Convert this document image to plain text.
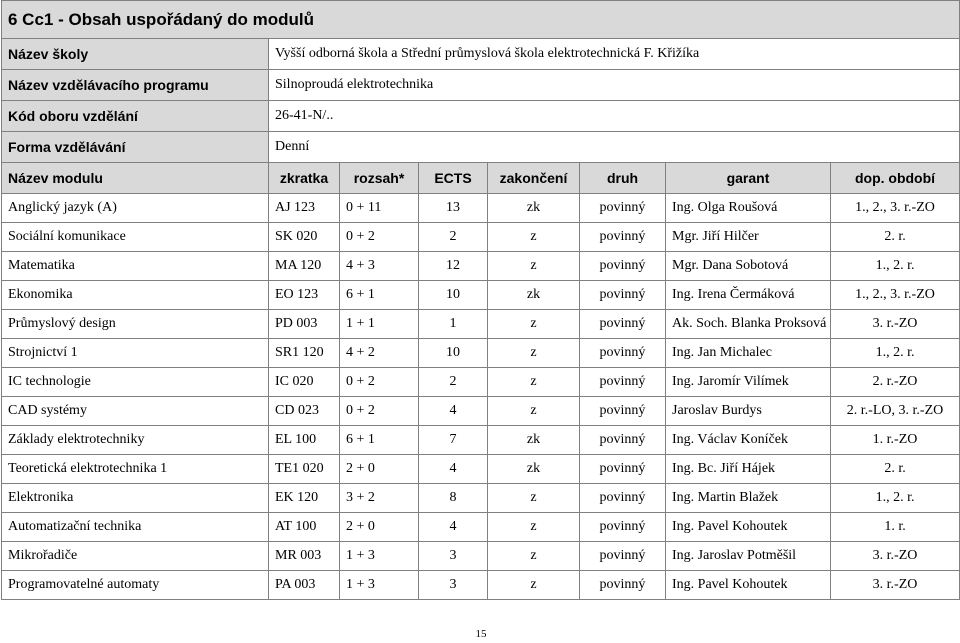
6 Cc1 - Obsah uspořádaný do modulů							
Název školy	Vyšší odborná škola a Střední průmyslová škola elektrotechnická F. Křižíka						
Název vzdělávacího programu	Silnoproudá elektrotechnika						
Kód oboru vzdělání	26-41-N/..						
Forma vzdělávání	Denní						
Název modulu	zkratka	rozsah*	ECTS	zakončení	druh	garant	dop. období
Anglický jazyk (A)	AJ 123	0 + 11	13	zk	povinný	Ing. Olga Roušová	1., 2., 3. r.-ZO
Sociální komunikace	SK 020	0 + 2	2	z	povinný	Mgr. Jiří Hilčer	2. r.
Matematika	MA 120	4 + 3	12	z	povinný	Mgr. Dana Sobotová	1., 2. r.
Ekonomika	EO 123	6 + 1	10	zk	povinný	Ing. Irena Čermáková	1., 2., 3. r.-ZO
Průmyslový design	PD 003	1 + 1	1	z	povinný	Ak. Soch. Blanka Proksová	3. r.-ZO
Strojnictví 1	SR1 120	4 + 2	10	z	povinný	Ing. Jan Michalec	1., 2. r.
IC technologie	IC 020	0 + 2	2	z	povinný	Ing. Jaromír Vilímek	2. r.-ZO
CAD systémy	CD 023	0 + 2	4	z	povinný	Jaroslav Burdys	2. r.-LO, 3. r.-ZO
Základy elektrotechniky	EL 100	6 + 1	7	zk	povinný	Ing. Václav Koníček	1. r.-ZO
Teoretická elektrotechnika 1	TE1 020	2 + 0	4	zk	povinný	Ing. Bc. Jiří Hájek	2. r.
Elektronika	EK 120	3 + 2	8	z	povinný	Ing. Martin Blažek	1., 2. r.
Automatizační technika	AT 100	2 + 0	4	z	povinný	Ing. Pavel Kohoutek	1. r.
Mikrořadiče	MR 003	1 + 3	3	z	povinný	Ing. Jaroslav Potměšil	3. r.-ZO
Programovatelné automaty	PA 003	1 + 3	3	z	povinný	Ing. Pavel Kohoutek	3. r.-ZO
15
